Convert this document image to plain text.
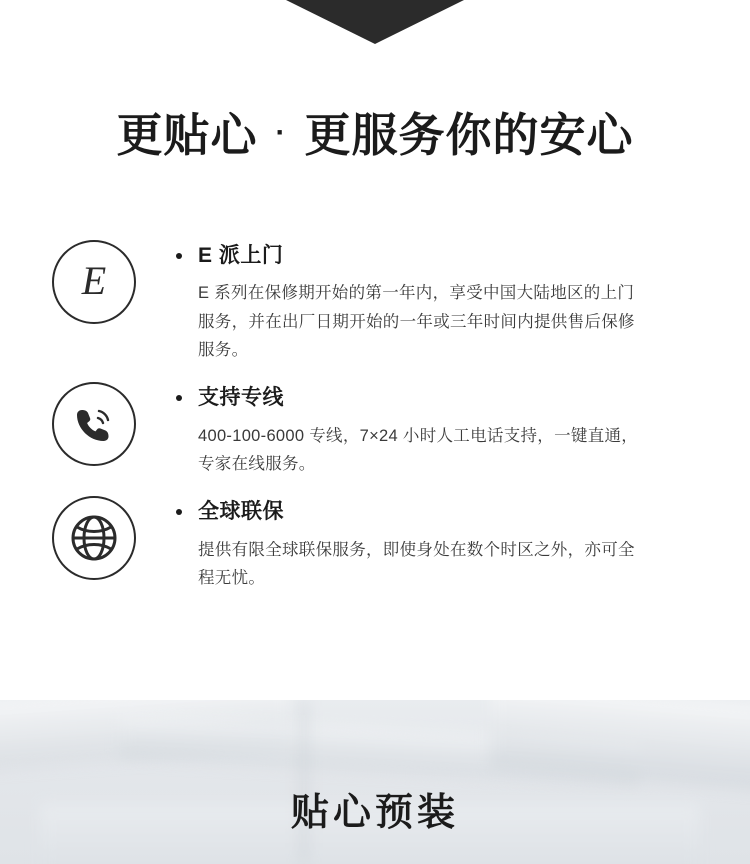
更贴心 · 更服务你的安心
E
E 派上门
E 系列在保修期开始的第一年内，享受中国大陆地区的上门服务，并在出厂日期开始的一年或三年时间内提供售后保修服务。
支持专线
400-100-6000 专线，7×24 小时人工电话支持，一键直通，专家在线服务。
全球联保
提供有限全球联保服务，即使身处在数个时区之外，亦可全程无忧。
贴心预装
